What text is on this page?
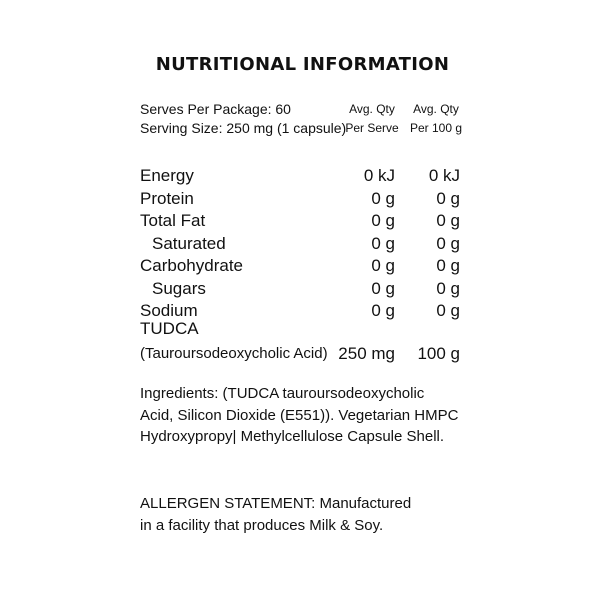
NUTRITIONAL INFORMATION
Serves Per Package: 60
Serving Size: 250 mg (1 capsule)
Avg. Qty
Per Serve
Avg. Qty
Per 100 g
Energy	0 kJ 0 kJ
Protein	0 g 0 g
Total Fat	0 g 0 g
Saturated	0 g 0 g
Carbohydrate	0 g 0 g
Sugars	0 g 0 g
Sodium	0 g 0 g
TUDCA
(Tauroursodeoxycholic Acid) 250 mg 100 g
Ingredients: (TUDCA tauroursodeoxycholic
Acid, Silicon Dioxide (E551)). Vegetarian HMPC
Hydroxypropy| Methylcellulose Capsule Shell.
ALLERGEN STATEMENT: Manufactured
in a facility that produces Milk & Soy.
